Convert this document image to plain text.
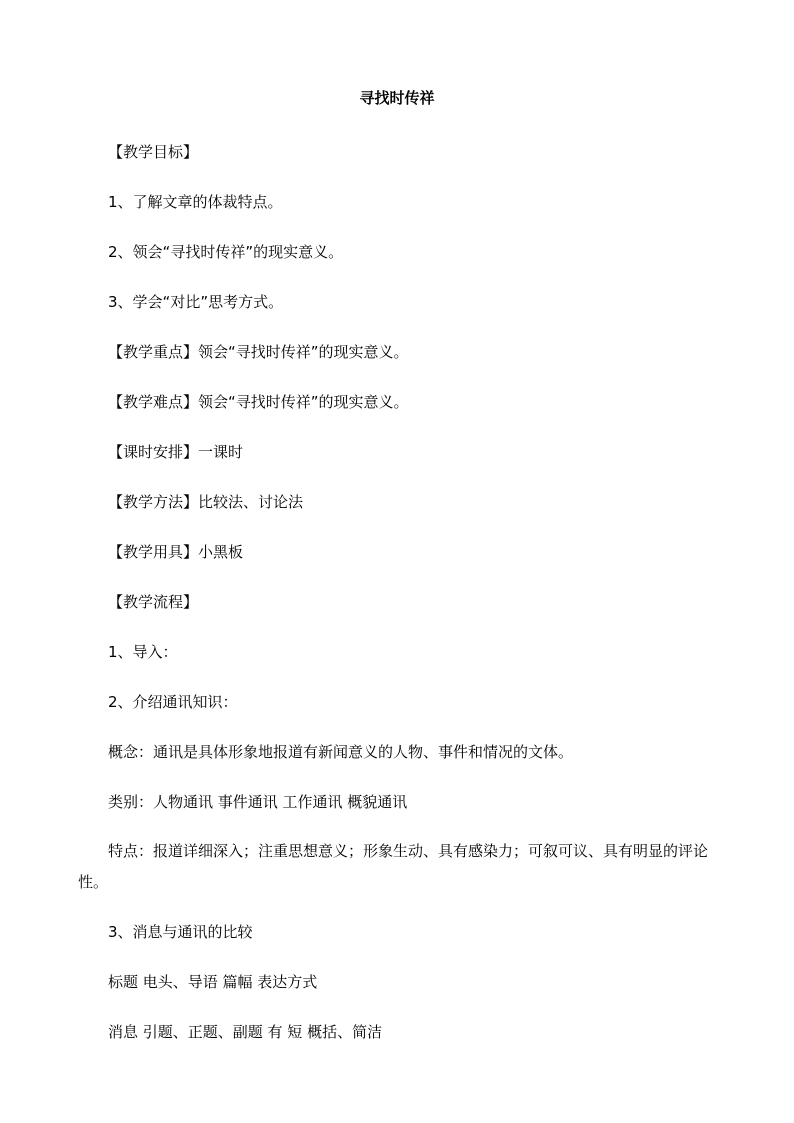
寻找时传祥
【教学目标】
1、了解文章的体裁特点。
2、领会“寻找时传祥”的现实意义。
3、学会“对比”思考方式。
【教学重点】领会“寻找时传祥”的现实意义。
【教学难点】领会“寻找时传祥”的现实意义。
【课时安排】一课时
【教学方法】比较法、讨论法
【教学用具】小黑板
【教学流程】
1、导入：
2、介绍通讯知识：
概念：通讯是具体形象地报道有新闻意义的人物、事件和情况的文体。
类别：人物通讯 事件通讯 工作通讯 概貌通讯
特点：报道详细深入；注重思想意义；形象生动、具有感染力；可叙可议、具有明显的评论性。
3、消息与通讯的比较
标题 电头、导语 篇幅 表达方式
消息 引题、正题、副题 有 短 概括、简洁
